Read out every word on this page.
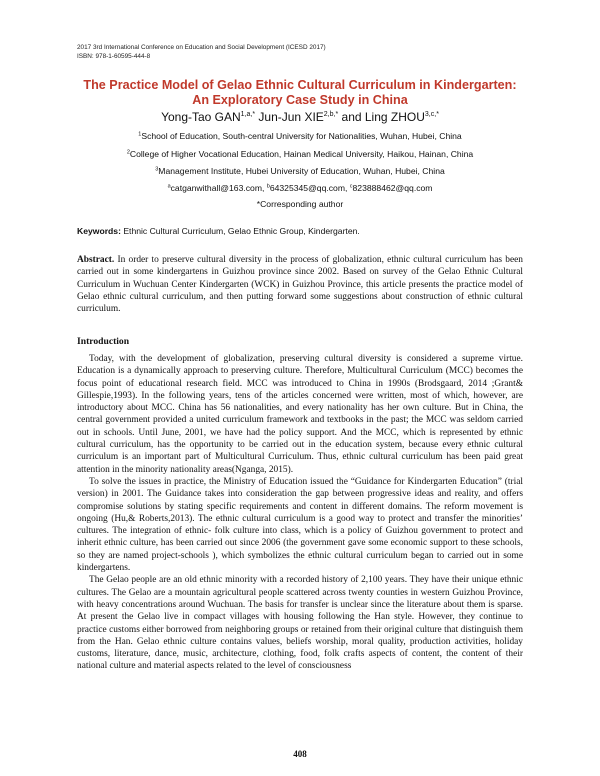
2017 3rd International Conference on Education and Social Development (ICESD 2017)
ISBN: 978-1-60595-444-8
The Practice Model of Gelao Ethnic Cultural Curriculum in Kindergarten:
An Exploratory Case Study in China
Yong-Tao $GAN^{1,a,*}$ Jun-Jun $XIE^{2,b,*}$ and Ling $ZHOU^{3,c,*}$
$^1$School of Education, South-central University for Nationalities, Wuhan, Hubei, China
$^2$College of Higher Vocational Education, Hainan Medical University, Haikou, Hainan, China
$^3$Management Institute, Hubei University of Education, Wuhan, Hubei, China
$^a$catganwithall@163.com, $^b$64325345@qq.com, $^c$823888462@qq.com
*Corresponding author
Keywords: Ethnic Cultural Curriculum, Gelao Ethnic Group, Kindergarten.

Abstract. In order to preserve cultural diversity in the process of globalization, ethnic cultural curriculum has been carried out in some kindergartens in Guizhou province since 2002. Based on survey of the Gelao Ethnic Cultural Curriculum in Wuchuan Center Kindergarten (WCK) in Guizhou Province, this article presents the practice model of Gelao ethnic cultural curriculum, and then putting forward some suggestions about construction of ethnic cultural curriculum.

Introduction

Today, with the development of globalization, preserving cultural diversity is considered a supreme virtue. Education is a dynamically approach to preserving culture. Therefore, Multicultural Curriculum (MCC) becomes the focus point of educational research field. MCC was introduced to China in 1990s (Brodsgaard, 2014 ;Grant& Gillespie,1993). In the following years, tens of the articles concerned were written, most of which, however, are introductory about MCC. China has 56 nationalities, and every nationality has her own culture. But in China, the central government provided a united curriculum framework and textbooks in the past; the MCC was seldom carried out in schools. Until June, 2001, we have had the policy support. And the MCC, which is represented by ethnic cultural curriculum, has the opportunity to be carried out in the education system, because every ethnic cultural curriculum is an important part of Multicultural Curriculum. Thus, ethnic cultural curriculum has been paid great attention in the minority nationality areas(Nganga, 2015).

To solve the issues in practice, the Ministry of Education issued the “Guidance for Kindergarten Education” (trial version) in 2001. The Guidance takes into consideration the gap between progressive ideas and reality, and offers compromise solutions by stating specific requirements and content in different domains. The reform movement is ongoing (Hu,& Roberts,2013). The ethnic cultural curriculum is a good way to protect and transfer the minorities’ cultures. The integration of ethnic- folk culture into class, which is a policy of Guizhou government to protect and inherit ethnic culture, has been carried out since 2006 (the government gave some economic support to these schools, so they are named project-schools ), which symbolizes the ethnic cultural curriculum began to carried out in some kindergartens.

The Gelao people are an old ethnic minority with a recorded history of 2,100 years. They have their unique ethnic cultures. The Gelao are a mountain agricultural people scattered across twenty counties in western Guizhou Province, with heavy concentrations around Wuchuan. The basis for transfer is unclear since the literature about them is sparse. At present the Gelao live in compact villages with housing following the Han style. However, they continue to practice customs either borrowed from neighboring groups or retained from their original culture that distinguish them from the Han. Gelao ethnic culture contains values, beliefs worship, moral quality, production activities, holiday customs, literature, dance, music, architecture, clothing, food, folk crafts aspects of content, the content of their national culture and material aspects related to the level of consciousness

408
